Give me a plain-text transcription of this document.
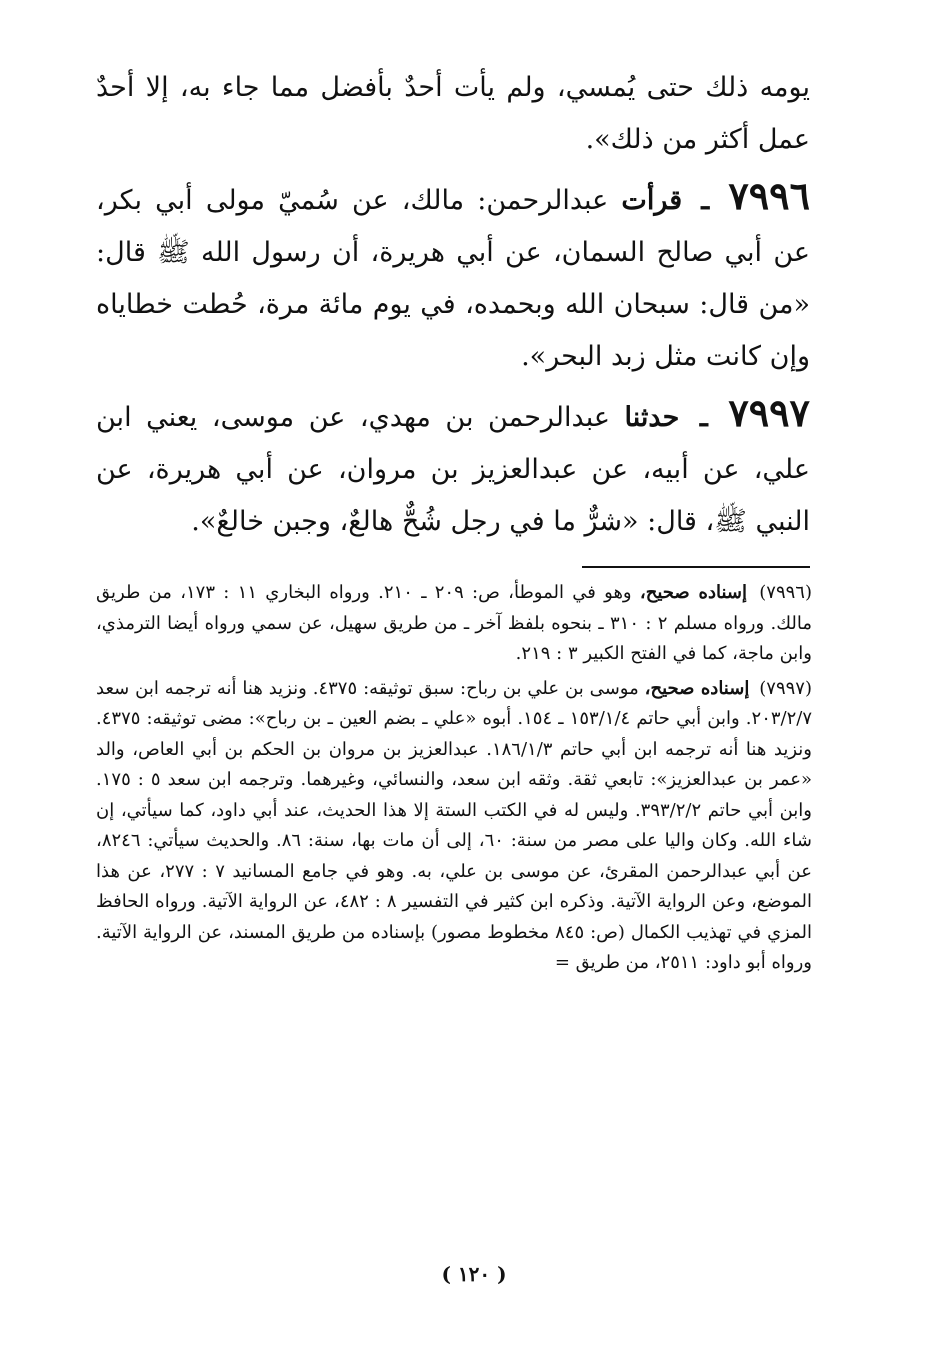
يومه ذلك حتى يُمسي، ولم يأت أحدٌ بأفضل مما جاء به، إلا أحدٌ عمل أكثر من ذلك».

٧٩٩٦ ـ قرأت عبدالرحمن: مالك، عن سُميّ مولى أبي بكر، عن أبي صالح السمان، عن أبي هريرة، أن رسول الله ﷺ قال: «من قال: سبحان الله وبحمده، في يوم مائة مرة، حُطت خطاياه وإن كانت مثل زبد البحر».

٧٩٩٧ ـ حدثنا عبدالرحمن بن مهدي، عن موسى، يعني ابن علي، عن أبيه، عن عبدالعزيز بن مروان، عن أبي هريرة، عن النبي ﷺ، قال: «شرٌّ ما في رجل شُحٌّ هالعٌ، وجبن خالعٌ».

(٧٩٩٦) إسناده صحيح، وهو في الموطأ، ص: ٢٠٩ ـ ٢١٠. ورواه البخاري ١١ : ١٧٣، من طريق مالك. ورواه مسلم ٢ : ٣١٠ ـ بنحوه بلفظ آخر ـ من طريق سهيل، عن سمي ورواه أيضا الترمذي، وابن ماجة، كما في الفتح الكبير ٣ : ٢١٩.

(٧٩٩٧) إسناده صحيح، موسى بن علي بن رباح: سبق توثيقه: ٤٣٧٥. ونزيد هنا أنه ترجمه ابن سعد ٢٠٣/٢/٧. وابن أبي حاتم ١٥٣/١/٤ ـ ١٥٤. أبوه «علي ـ بضم العين ـ بن رباح»: مضى توثيقه: ٤٣٧٥. ونزيد هنا أنه ترجمه ابن أبي حاتم ١٨٦/١/٣. عبدالعزيز بن مروان بن الحكم بن أبي العاص، والد «عمر بن عبدالعزيز»: تابعي ثقة. وثقه ابن سعد، والنسائي، وغيرهما. وترجمه ابن سعد ٥ : ١٧٥. وابن أبي حاتم ٣٩٣/٢/٢. وليس له في الكتب الستة إلا هذا الحديث، عند أبي داود، كما سيأتي، إن شاء الله. وكان واليا على مصر من سنة: ٦٠، إلى أن مات بها، سنة: ٨٦. والحديث سيأتي: ٨٢٤٦، عن أبي عبدالرحمن المقرئ، عن موسى بن علي، به. وهو في جامع المسانيد ٧ : ٢٧٧، عن هذا الموضع، وعن الرواية الآتية. وذكره ابن كثير في التفسير ٨ : ٤٨٢، عن الرواية الآتية. ورواه الحافظ المزي في تهذيب الكمال (ص: ٨٤٥ مخطوط مصور) بإسناده من طريق المسند، عن الرواية الآتية. ورواه أبو داود: ٢٥١١، من طريق =

( ١٢٠ )
